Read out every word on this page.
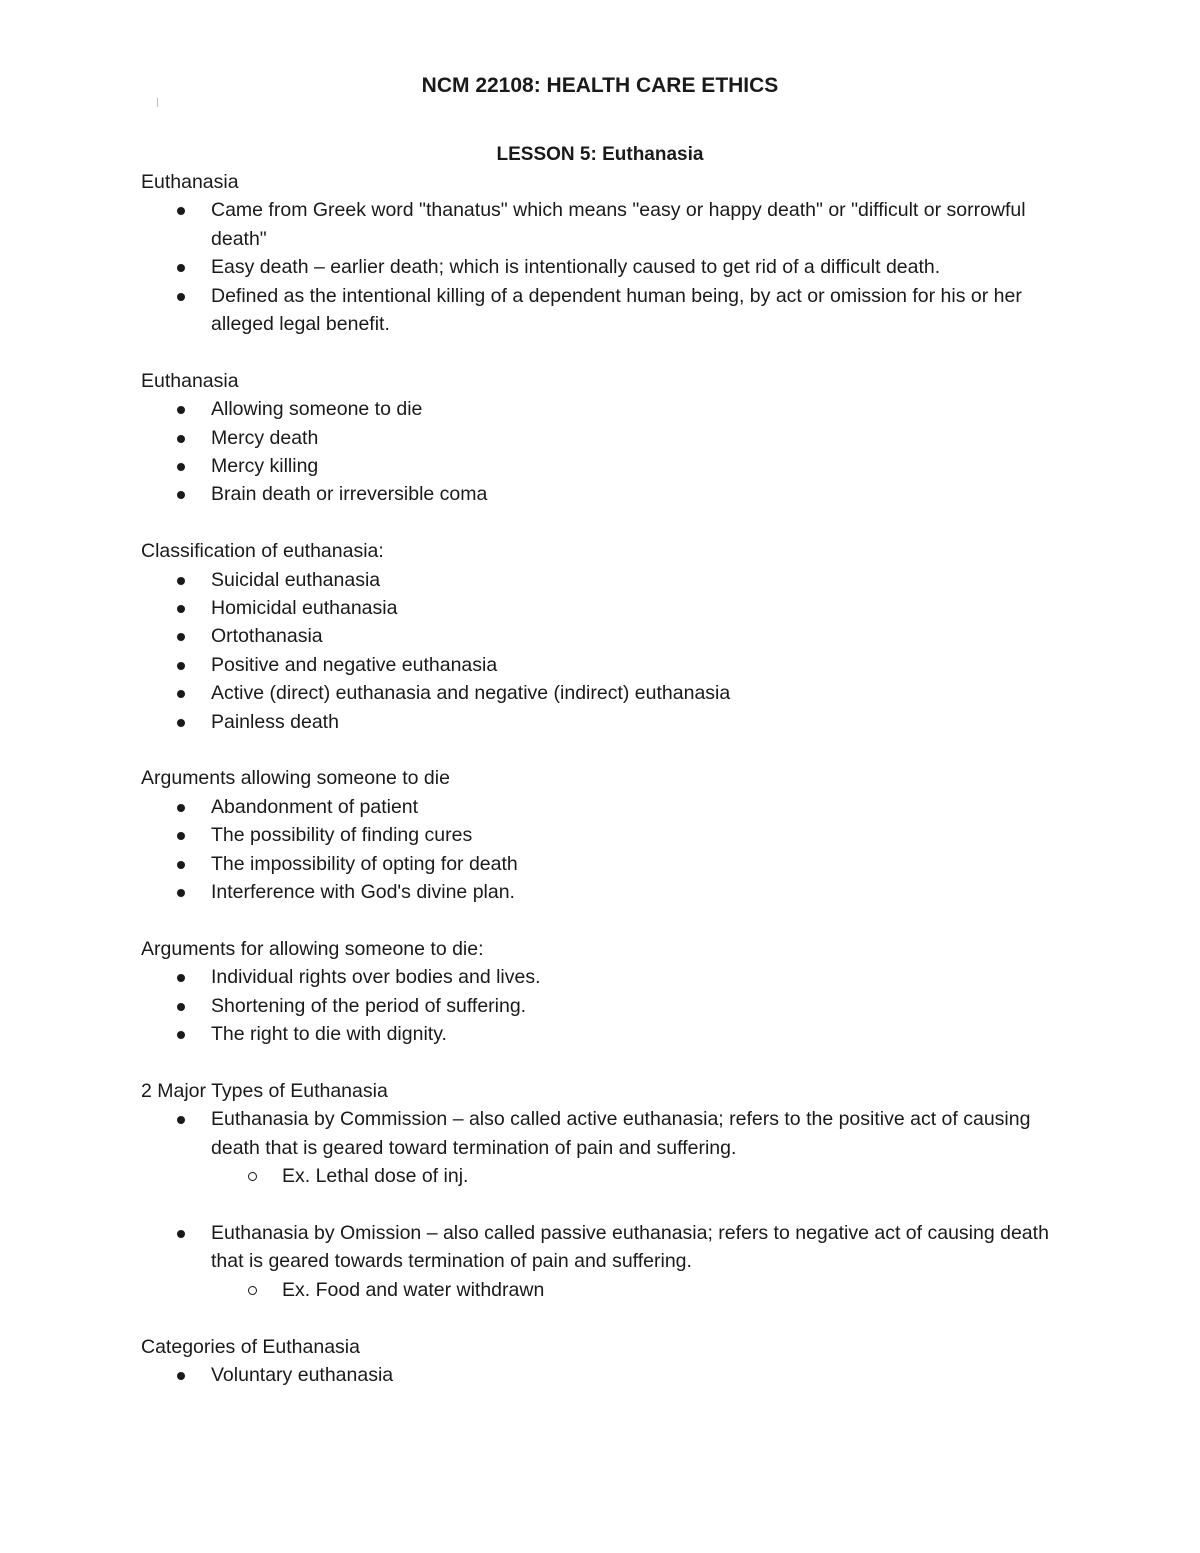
NCM 22108: HEALTH CARE ETHICS
LESSON 5: Euthanasia

Euthanasia

Came from Greek word "thanatus" which means "easy or happy death" or "difficult or sorrowful death"
Easy death – earlier death; which is intentionally caused to get rid of a difficult death.
Defined as the intentional killing of a dependent human being, by act or omission for his or her alleged legal benefit.

Euthanasia

Allowing someone to die
Mercy death
Mercy killing
Brain death or irreversible coma

Classification of euthanasia:

Suicidal euthanasia
Homicidal euthanasia
Ortothanasia
Positive and negative euthanasia
Active (direct) euthanasia and negative (indirect) euthanasia
Painless death

Arguments allowing someone to die

Abandonment of patient
The possibility of finding cures
The impossibility of opting for death
Interference with God's divine plan.

Arguments for allowing someone to die:

Individual rights over bodies and lives.
Shortening of the period of suffering.
The right to die with dignity.

2 Major Types of Euthanasia

Euthanasia by Commission – also called active euthanasia; refers to the positive act of causing death that is geared toward termination of pain and suffering.
Ex. Lethal dose of inj.
Euthanasia by Omission – also called passive euthanasia; refers to negative act of causing death that is geared towards termination of pain and suffering.
Ex. Food and water withdrawn

Categories of Euthanasia

Voluntary euthanasia
